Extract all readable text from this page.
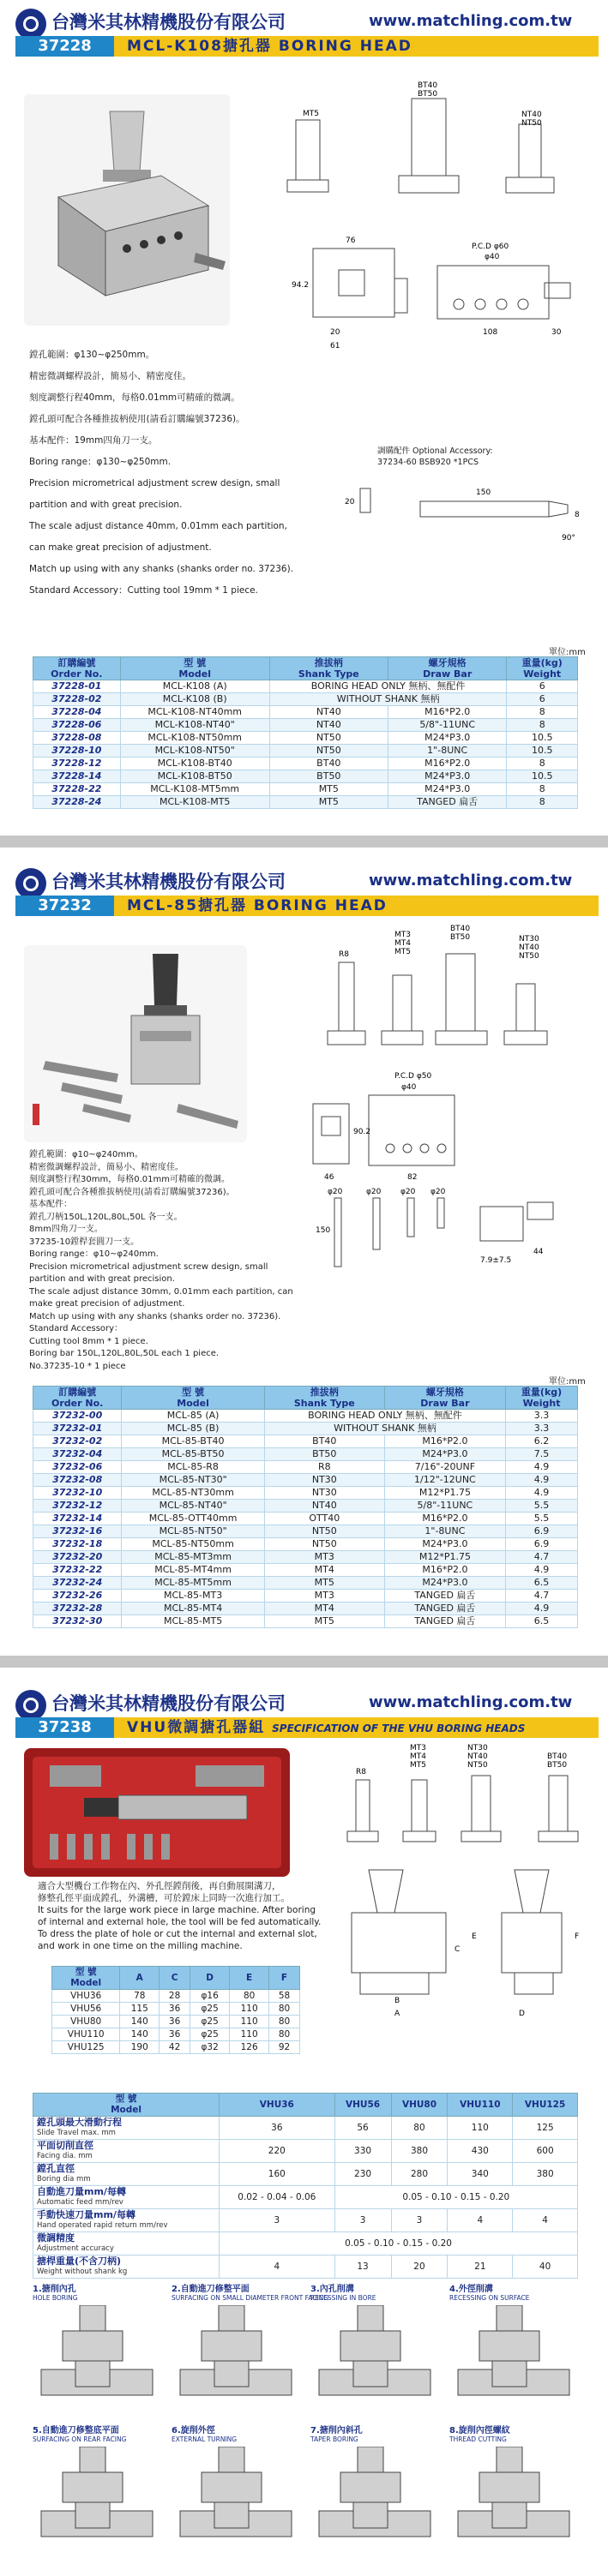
台灣米其林精機股份有限公司	www.matchling.com.tw
37228	MCL-K108搪孔器 BORING HEAD
MT5
BT40 BT50
NT40 NT50
76
94.2
20
61
P.C.D φ60
φ40
108	30
鏜孔範圍：φ130~φ250mm。
精密微調螺桿設計，簡易小、精密度佳。
刻度調整行程40mm，每格0.01mm可精確的微調。
鏜孔頭可配合各種推拔柄使用(請看訂購編號37236)。
基本配件：19mm四角刀一支。
Boring range：φ130~φ250mm.
Precision micrometrical adjustment screw design, small
partition and with great precision.
The scale adjust distance 40mm, 0.01mm each partition,
can make great precision of adjustment.
Match up using with any shanks (shanks order no. 37236).
Standard Accessory：Cutting tool 19mm * 1 piece.
調購配件 Optional Accessory:
37234-60 BSB920 *1PCS
20
150
8
90°
單位:mm
訂購編號
Order No.	型 號
Model	推拔柄
Shank Type	螺牙規格
Draw Bar	重量(kg)
Weight
37228-01	MCL-K108 (A)	BORING HEAD ONLY 無柄、無配件		6
37228-02	MCL-K108 (B)	WITHOUT SHANK 無柄		6
37228-04	MCL-K108-NT40mm	NT40	M16*P2.0	8
37228-06	MCL-K108-NT40"	NT40	5/8"-11UNC	8
37228-08	MCL-K108-NT50mm	NT50	M24*P3.0	10.5
37228-10	MCL-K108-NT50"	NT50	1"-8UNC	10.5
37228-12	MCL-K108-BT40	BT40	M16*P2.0	8
37228-14	MCL-K108-BT50	BT50	M24*P3.0	10.5
37228-22	MCL-K108-MT5mm	MT5	M24*P3.0	8
37228-24	MCL-K108-MT5	MT5	TANGED 扁舌	8
台灣米其林精機股份有限公司	www.matchling.com.tw
37232	MCL-85搪孔器 BORING HEAD
R8
MT3 MT4 MT5
BT40 BT50	NT30 NT40 NT50
P.C.D φ50
φ40
46	82
90.2
150
φ20	φ20	φ20 φ20
44
7.9±7.5
鏜孔範圍：φ10~φ240mm。
精密微調螺桿設計，簡易小、精密度佳。
刻度調整行程30mm，每格0.01mm可精確的微調。
鏜孔頭可配合各種推拔柄使用(請看訂購編號37236)。
基本配件：
鏜孔刀柄150L,120L,80L,50L 各一支。
8mm四角刀一支。
37235-10鏜桿套圓刀一支。
Boring range：φ10~φ240mm.
Precision micrometrical adjustment screw design, small
partition and with great precision.
The scale adjust distance 30mm, 0.01mm each partition, can
make great precision of adjustment.
Match up using with any shanks (shanks order no. 37236).
Standard Accessory：
Cutting tool 8mm * 1 piece.
Boring bar 150L,120L,80L,50L each 1 piece.
No.37235-10 * 1 piece
單位:mm
訂購編號
Order No.	型 號
Model	推拔柄
Shank Type	螺牙規格
Draw Bar	重量(kg)
Weight
37232-00	MCL-85 (A)	BORING HEAD ONLY 無柄、無配件		3.3
37232-01	MCL-85 (B)	WITHOUT SHANK 無柄		3.3
37232-02	MCL-85-BT40	BT40	M16*P2.0	6.2
37232-04	MCL-85-BT50	BT50	M24*P3.0	7.5
37232-06	MCL-85-R8	R8	7/16"-20UNF	4.9
37232-08	MCL-85-NT30"	NT30	1/12"-12UNC	4.9
37232-10	MCL-85-NT30mm	NT30	M12*P1.75	4.9
37232-12	MCL-85-NT40"	NT40	5/8"-11UNC	5.5
37232-14	MCL-85-OTT40mm	OTT40	M16*P2.0	5.5
37232-16	MCL-85-NT50"	NT50	1"-8UNC	6.9
37232-18	MCL-85-NT50mm	NT50	M24*P3.0	6.9
37232-20	MCL-85-MT3mm	MT3	M12*P1.75	4.7
37232-22	MCL-85-MT4mm	MT4	M16*P2.0	4.9
37232-24	MCL-85-MT5mm	MT5	M24*P3.0	6.5
37232-26	MCL-85-MT3	MT3	TANGED 扁舌	4.7
37232-28	MCL-85-MT4	MT4	TANGED 扁舌	4.9
37232-30	MCL-85-MT5	MT5	TANGED 扁舌	6.5
台灣米其林精機股份有限公司	www.matchling.com.tw
37238	VHU微調搪孔器組 SPECIFICATION OF THE VHU BORING HEADS
R8
MT3 MT4 MT5
NT30 NT40 NT50
BT40 BT50
A
B
C
D
E	F
適合大型機台工作物在內、外孔徑鏜削後，再自動展開溝刀，
修整孔徑平面成鏜孔，外溝槽，可於鏜床上同時一次進行加工。
It suits for the large work piece in large machine. After boring
of internal and external hole, the tool will be fed automatically.
To dress the plate of hole or cut the internal and external slot,
and work in one time on the milling machine.
型 號
Model	A	C	D	E	F
VHU36	78	28	φ16	80	58
VHU56	115	36	φ25	110	80
VHU80	140	36	φ25	110	80
VHU110	140	36	φ25	110	80
VHU125	190	42	φ32	126	92
型 號
Model	VHU36	VHU56	VHU80	VHU110	VHU125

鏜孔頭最大滑動行程
Slide Travel max. mm	36	56	80	110	125

平面切削直徑
Facing dia. mm	220	330	380	430	600

鏜孔直徑
Boring dia mm	160	230	280	340	380

自動進刀量mm/每轉
Automatic feed mm/rev	0.02 - 0.04 - 0.06	0.05 - 0.10 - 0.15 - 0.20			

手動快速刀量mm/每轉
Hand operated rapid return mm/rev	3	3	3	4	4

微調精度
Adjustment accuracy	0.05 - 0.10 - 0.15 - 0.20				

搪桿重量(不含刀柄)
Weight without shank kg	4	13	20	21	40
1.搪削內孔
HOLE BORING
2.自動進刀修整平面
SURFACING ON SMALL DIAMETER FRONT FACING
3.內孔削溝
RECESSING IN BORE
4.外徑削溝
RECESSING ON SURFACE
5.自動進刀修整底平面
SURFACING ON REAR FACING
6.旋削外徑
EXTERNAL TURNING
7.搪削內斜孔
TAPER BORING
8.旋削內徑螺紋
THREAD CUTTING
